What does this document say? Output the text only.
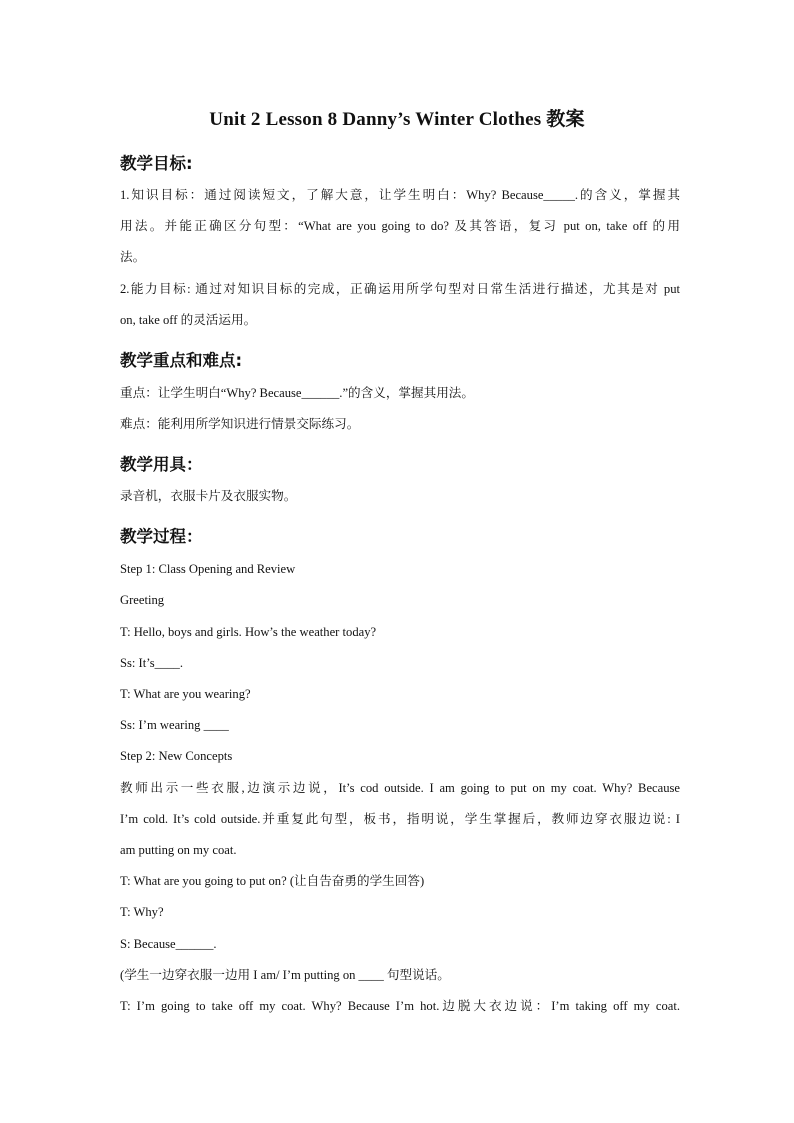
Unit 2 Lesson 8 Danny’s Winter Clothes 教案
教学目标:
1.知识目标：通过阅读短文，了解大意，让学生明白：Why? Because_____.的含义，掌握其
用法。并能正确区分句型：“What are you going to do? 及其答语，复习 put on, take off 的用
法。
2.能力目标: 通过对知识目标的完成，正确运用所学句型对日常生活进行描述，尤其是对 put
on, take off 的灵活运用。
教学重点和难点:
重点：让学生明白“Why? Because______.”的含义，掌握其用法。
难点：能利用所学知识进行情景交际练习。
教学用具：
录音机，衣服卡片及衣服实物。
教学过程：
Step 1: Class Opening and Review
Greeting
T: Hello, boys and girls. How’s the weather today?
Ss: It’s____.
T: What are you wearing?
Ss: I’m wearing ____
Step 2: New Concepts
教师出示一些衣服,边演示边说，It’s cod outside. I am going to put on my coat. Why? Because
I’m cold. It’s cold outside.并重复此句型，板书，指明说，学生掌握后，教师边穿衣服边说: I
am putting on my coat.
T: What are you going to put on? (让自告奋勇的学生回答)
T: Why?
S: Because______.
(学生一边穿衣服一边用 I am/ I’m putting on ____ 句型说话。
T: I’m going to take off my coat. Why? Because I’m hot.边脱大衣边说：I’m taking off my coat.
